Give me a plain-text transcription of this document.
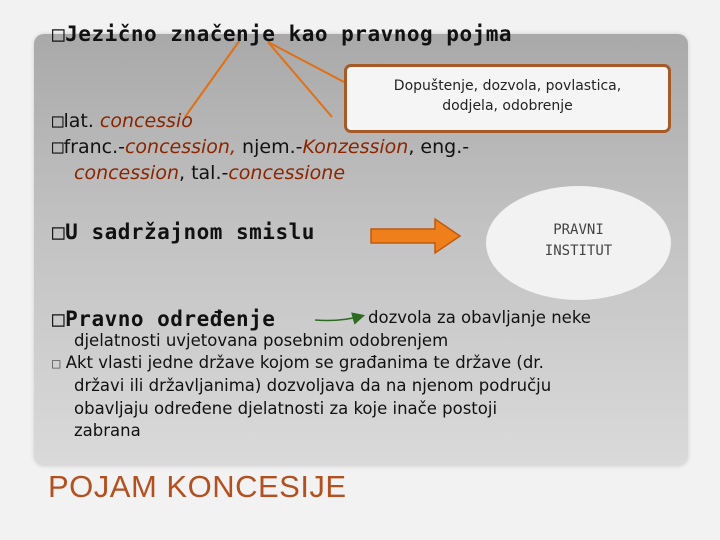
□Jezično značenje kao pravnog pojma
Dopuštenje, dozvola, povlastica,
dodjela, odobrenje
□lat. concessio
□franc.-concession, njem.-Konzession, eng.-
concession, tal.-concessione
□U sadržajnom smislu	PRAVNI
INSTITUT
□Pravno određenje	dozvola za obavljanje neke
djelatnosti uvjetovana posebnim odobrenjem
□ Akt vlasti jedne države kojom se građanima te države (dr.
državi ili državljanima) dozvoljava da na njenom području
obavljaju određene djelatnosti za koje inače postoji
zabrana
POJAM KONCESIJE
